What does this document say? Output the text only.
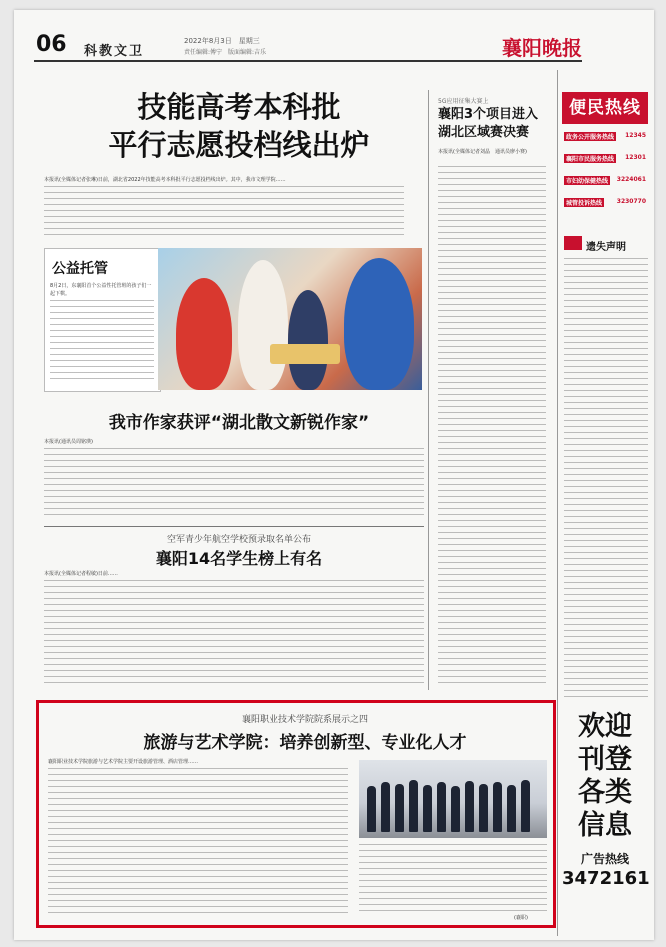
06 科教文卫
2022年8月3日　星期三
责任编辑:傅宁　版面编辑:吉乐	襄阳晚报
技能高考本科批
平行志愿投档线出炉
本报讯(全媒体记者张琳)日前，湖北省2022年技能高考本科批平行志愿投档线出炉。其中，我市文理学院……
5G应用征集大赛上
襄阳3个项目进入
湖北区域赛决赛
本报讯(全媒体记者刘晶　通讯员廖小赛)
公益托管
8月2日，东襄阳首个公益性托管班的孩子们一起下棋。
我市作家获评“湖北散文新锐作家”
本报讯(通讯员周铭瑛)
空军青少年航空学校预录取名单公布
襄阳14名学生榜上有名
本报讯(全媒体记者程敏)日前……
襄阳职业技术学院院系展示之四
旅游与艺术学院：培养创新型、专业化人才
襄阳职业技术学院旅游与艺术学院主要开设旅游管理、酒店管理……
(襄职)
便民热线
政务公开服务热线	12345
襄阳市民服务热线	12301
市妇幼保健热线	3224061
城管投诉热线	3230770
遗失声明
欢迎
刊登
各类
信息
广告热线
3472161
